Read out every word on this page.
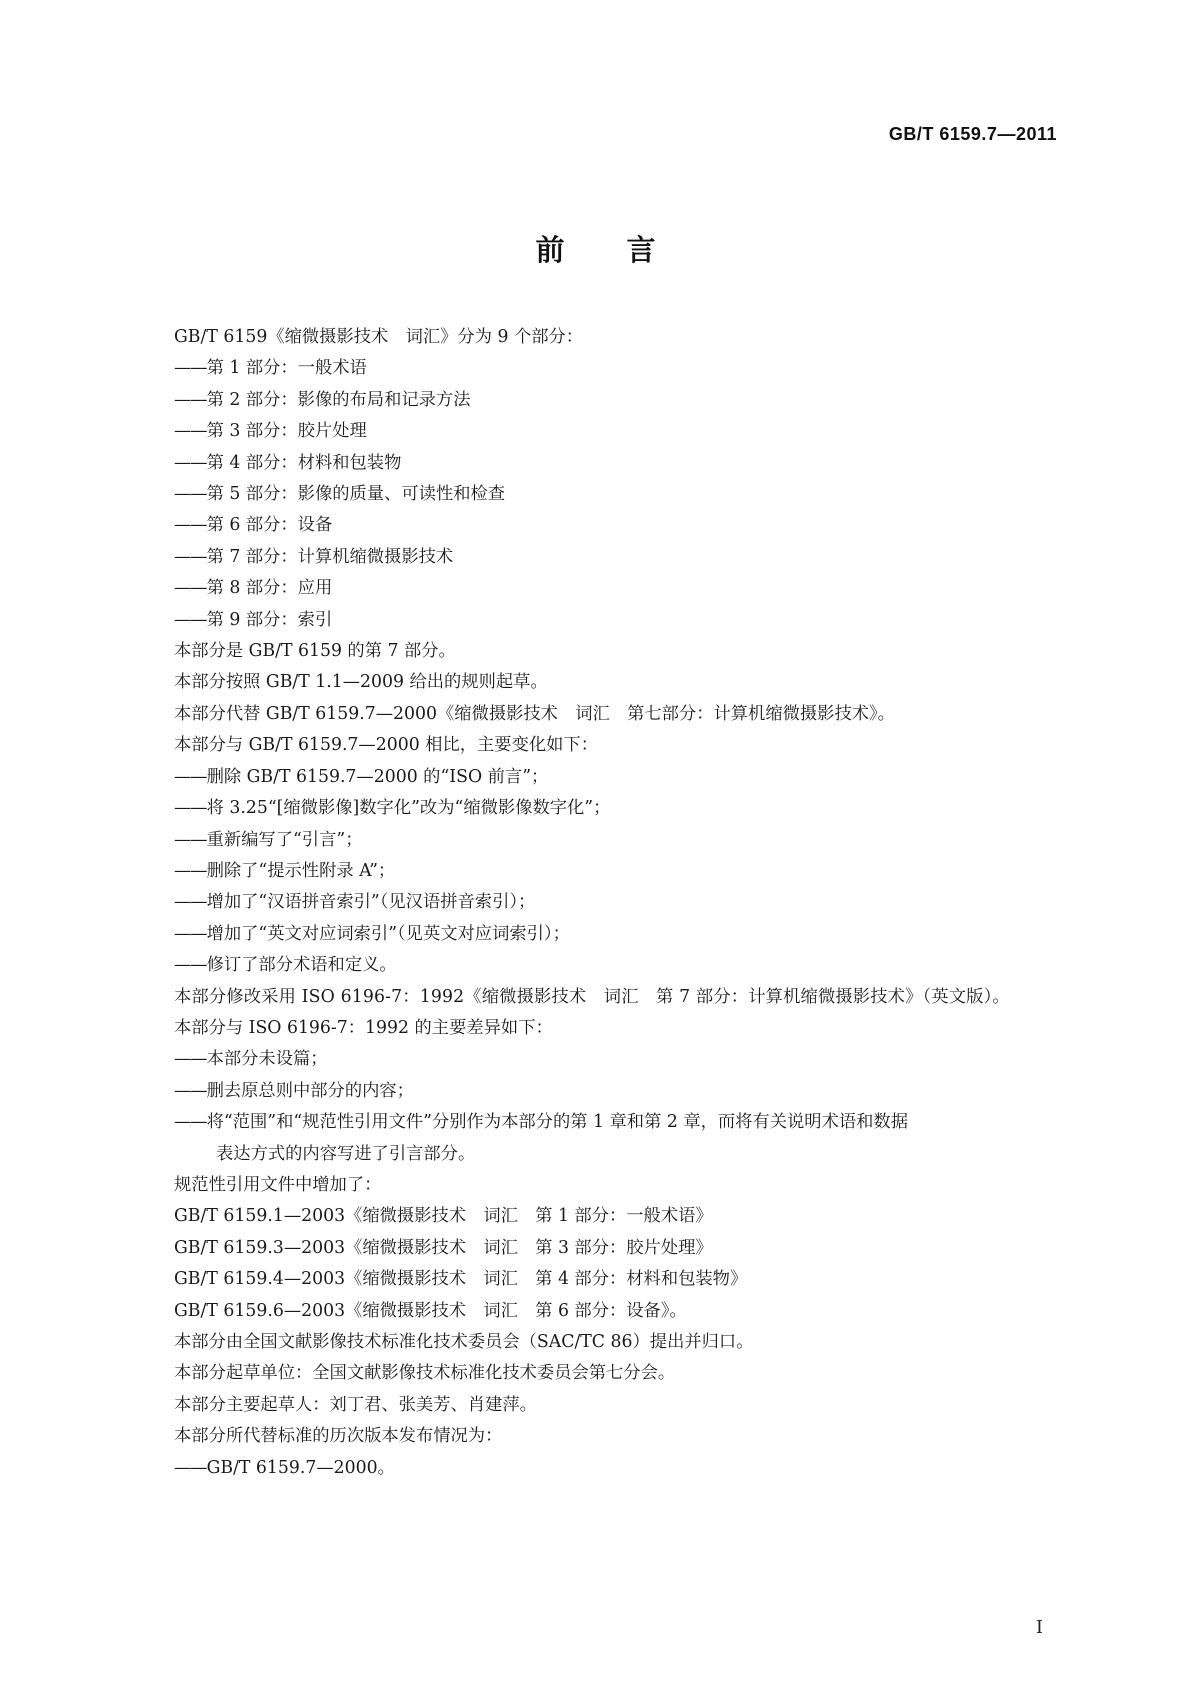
GB/T 6159.7—2011
前 言
GB/T 6159《缩微摄影技术　词汇》分为 9 个部分：
—— 第 1 部分：一般术语
—— 第 2 部分：影像的布局和记录方法
—— 第 3 部分：胶片处理
—— 第 4 部分：材料和包装物
—— 第 5 部分：影像的质量、可读性和检查
—— 第 6 部分：设备
—— 第 7 部分：计算机缩微摄影技术
—— 第 8 部分：应用
—— 第 9 部分：索引
本部分是 GB/T 6159 的第 7 部分。
本部分按照 GB/T 1.1—2009 给出的规则起草。
本部分代替 GB/T 6159.7—2000《缩微摄影技术　词汇　第七部分：计算机缩微摄影技术》。
本部分与 GB/T 6159.7—2000 相比，主要变化如下：
—— 删除 GB/T 6159.7—2000 的“ISO 前言”；
—— 将 3.25“[缩微影像]数字化”改为“缩微影像数字化”；
—— 重新编写了“引言”；
—— 删除了“提示性附录 A”；
—— 增加了“汉语拼音索引”（见汉语拼音索引）；
—— 增加了“英文对应词索引”（见英文对应词索引）；
—— 修订了部分术语和定义。
本部分修改采用 ISO 6196-7：1992《缩微摄影技术　词汇　第 7 部分：计算机缩微摄影技术》（英文版）。
本部分与 ISO 6196-7：1992 的主要差异如下：
—— 本部分未设篇；
—— 删去原总则中部分的内容；
—— 将“范围”和“规范性引用文件”分别作为本部分的第 1 章和第 2 章，而将有关说明术语和数据
表达方式的内容写进了引言部分。
规范性引用文件中增加了：
GB/T 6159.1—2003《缩微摄影技术　词汇　第 1 部分：一般术语》
GB/T 6159.3—2003《缩微摄影技术　词汇　第 3 部分：胶片处理》
GB/T 6159.4—2003《缩微摄影技术　词汇　第 4 部分：材料和包装物》
GB/T 6159.6—2003《缩微摄影技术　词汇　第 6 部分：设备》。
本部分由全国文献影像技术标准化技术委员会（SAC/TC 86）提出并归口。
本部分起草单位：全国文献影像技术标准化技术委员会第七分会。
本部分主要起草人：刘丁君、张美芳、肖建萍。
本部分所代替标准的历次版本发布情况为：
—— GB/T 6159.7—2000。
I
